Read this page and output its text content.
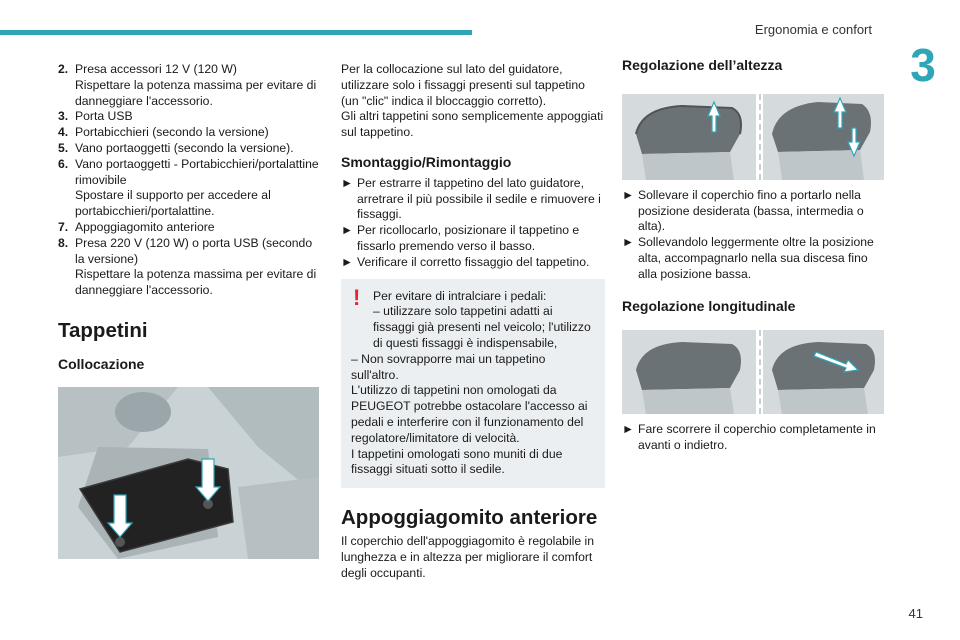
Ergonomia e confort
3
2. Presa accessori 12 V (120 W)
Rispettare la potenza massima per evitare di danneggiare l'accessorio.
3. Porta USB
4. Portabicchieri (secondo la versione)
5. Vano portaoggetti (secondo la versione).
6. Vano portaoggetti - Portabicchieri/portalattine rimovibile
Spostare il supporto per accedere al portabicchieri/portalattine.
7. Appoggiagomito anteriore
8. Presa 220 V (120 W) o porta USB (secondo la versione)
Rispettare la potenza massima per evitare di danneggiare l'accessorio.
Tappetini
Collocazione

Per la collocazione sul lato del guidatore, utilizzare solo i fissaggi presenti sul tappetino (un "clic" indica il bloccaggio corretto).

Gli altri tappetini sono semplicemente appoggiati sul tappetino.

Smontaggio/Rimontaggio
► Per estrarre il tappetino del lato guidatore, arretrare il più possibile il sedile e rimuovere i fissaggi.
► Per ricollocarlo, posizionare il tappetino e fissarlo premendo verso il basso.
► Verificare il corretto fissaggio del tappetino.
! Per evitare di intralciare i pedali:

– utilizzare solo tappetini adatti ai fissaggi già presenti nel veicolo; l'utilizzo di questi fissaggi è indispensabile,

– Non sovrapporre mai un tappetino sull'altro.

L'utilizzo di tappetini non omologati da PEUGEOT potrebbe ostacolare l'accesso ai pedali e interferire con il funzionamento del regolatore/limitatore di velocità.

I tappetini omologati sono muniti di due fissaggi situati sotto il sedile.

Appoggiagomito anteriore

Il coperchio dell'appoggiagomito è regolabile in lunghezza e in altezza per migliorare il comfort degli occupanti.

Regolazione dell’altezza
► Sollevare il coperchio fino a portarlo nella posizione desiderata (bassa, intermedia o alta).
► Sollevandolo leggermente oltre la posizione alta, accompagnarlo nella sua discesa fino alla posizione bassa.
Regolazione longitudinale
► Fare scorrere il coperchio completamente in avanti o indietro.
41
